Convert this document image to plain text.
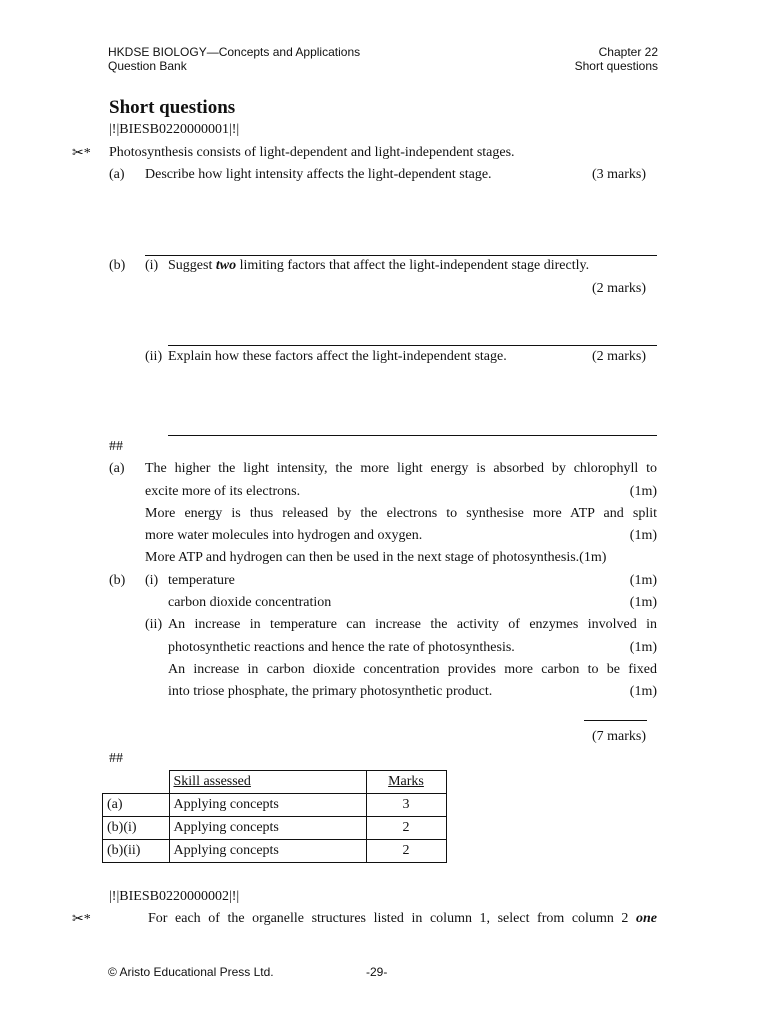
HKDSE BIOLOGY—Concepts and Applications
Question Bank
Chapter 22
Short questions
Short questions
|!|BIESB0220000001|!|
✂* Photosynthesis consists of light-dependent and light-independent stages.
(a) Describe how light intensity affects the light-dependent stage.	(3 marks)
(b) (i) Suggest two limiting factors that affect the light-independent stage directly.
(2 marks)
(ii) Explain how these factors affect the light-independent stage.	(2 marks)
##
(a) The higher the light intensity, the more light energy is absorbed by chlorophyll to
excite more of its electrons.	(1m)
More energy is thus released by the electrons to synthesise more ATP and split
more water molecules into hydrogen and oxygen.	(1m)
More ATP and hydrogen can then be used in the next stage of photosynthesis.(1m)
(b) (i) temperature	(1m)
carbon dioxide concentration	(1m)
(ii) An increase in temperature can increase the activity of enzymes involved in
photosynthetic reactions and hence the rate of photosynthesis.	(1m)
An increase in carbon dioxide concentration provides more carbon to be fixed
into triose phosphate, the primary photosynthetic product.	(1m)
(7 marks)
##
	Skill assessed	Marks
(a)	Applying concepts	3
(b)(i)	Applying concepts	2
(b)(ii)	Applying concepts	2
|!|BIESB0220000002|!|
✂*	For each of the organelle structures listed in column 1, select from column 2 one
© Aristo Educational Press Ltd.	-29-
